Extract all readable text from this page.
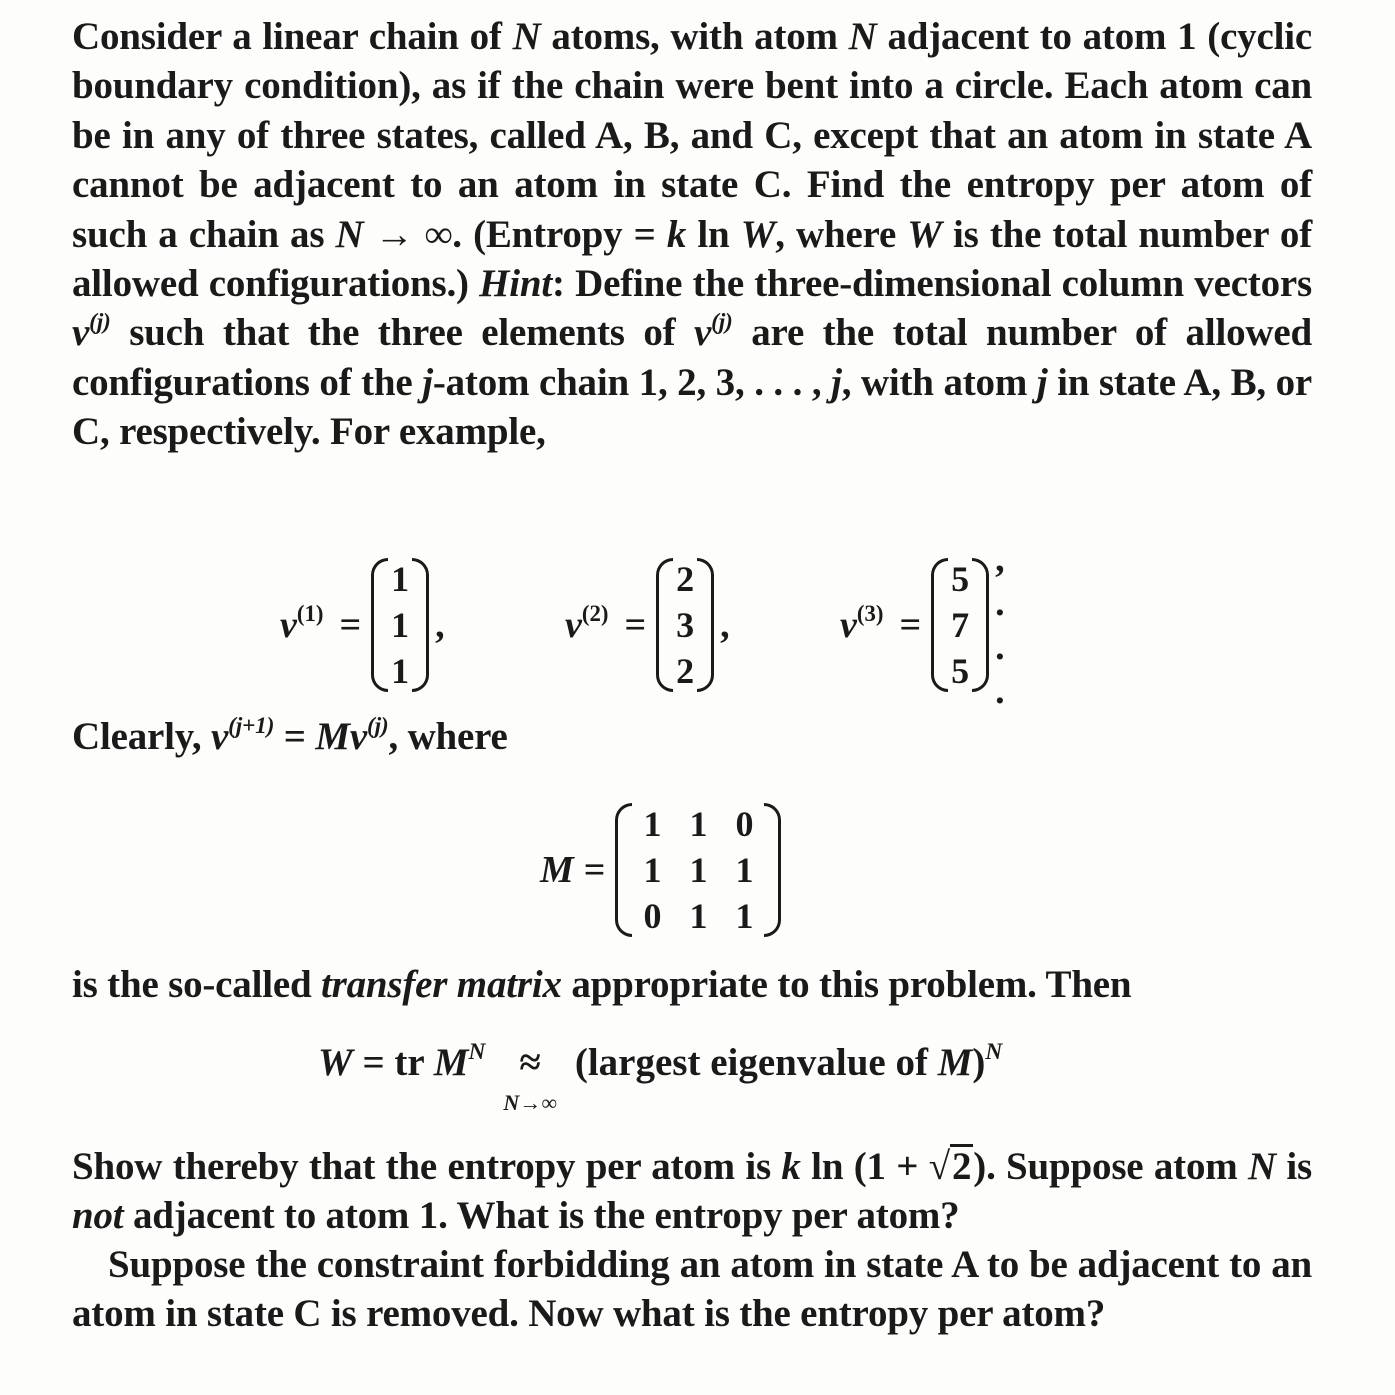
Consider a linear chain of N atoms, with atom N adjacent to atom 1 (cyclic boundary condition), as if the chain were bent into a circle. Each atom can be in any of three states, called A, B, and C, except that an atom in state A cannot be adjacent to an atom in state C. Find the entropy per atom of such a chain as N → ∞. (Entropy = k ln W, where W is the total number of allowed configurations.) Hint: Define the three-dimensional column vectors $v^{(j)}$ such that the three elements of $v^{(j)}$ are the total number of allowed configurations of the j-atom chain 1, 2, 3, . . . , j, with atom j in state A, B, or C, respectively. For example,

$v^{(1)}$ =
1
1
1
,	$v^{(2)}$ =
2
3
2
,	$v^{(3)}$ =
5
7
5
, . . .

Clearly, $v^{(j+1)} = Mv^{(j)}$, where

M =
1	1	0
1	1	1
0	1	1

is the so-called transfer matrix appropriate to this problem. Then

W = tr $M^N$ ≈
N→∞
(largest eigenvalue of M)$^N$

Show thereby that the entropy per atom is k ln (1 + √2). Suppose atom N is not adjacent to atom 1. What is the entropy per atom?

Suppose the constraint forbidding an atom in state A to be adjacent to an atom in state C is removed. Now what is the entropy per atom?
